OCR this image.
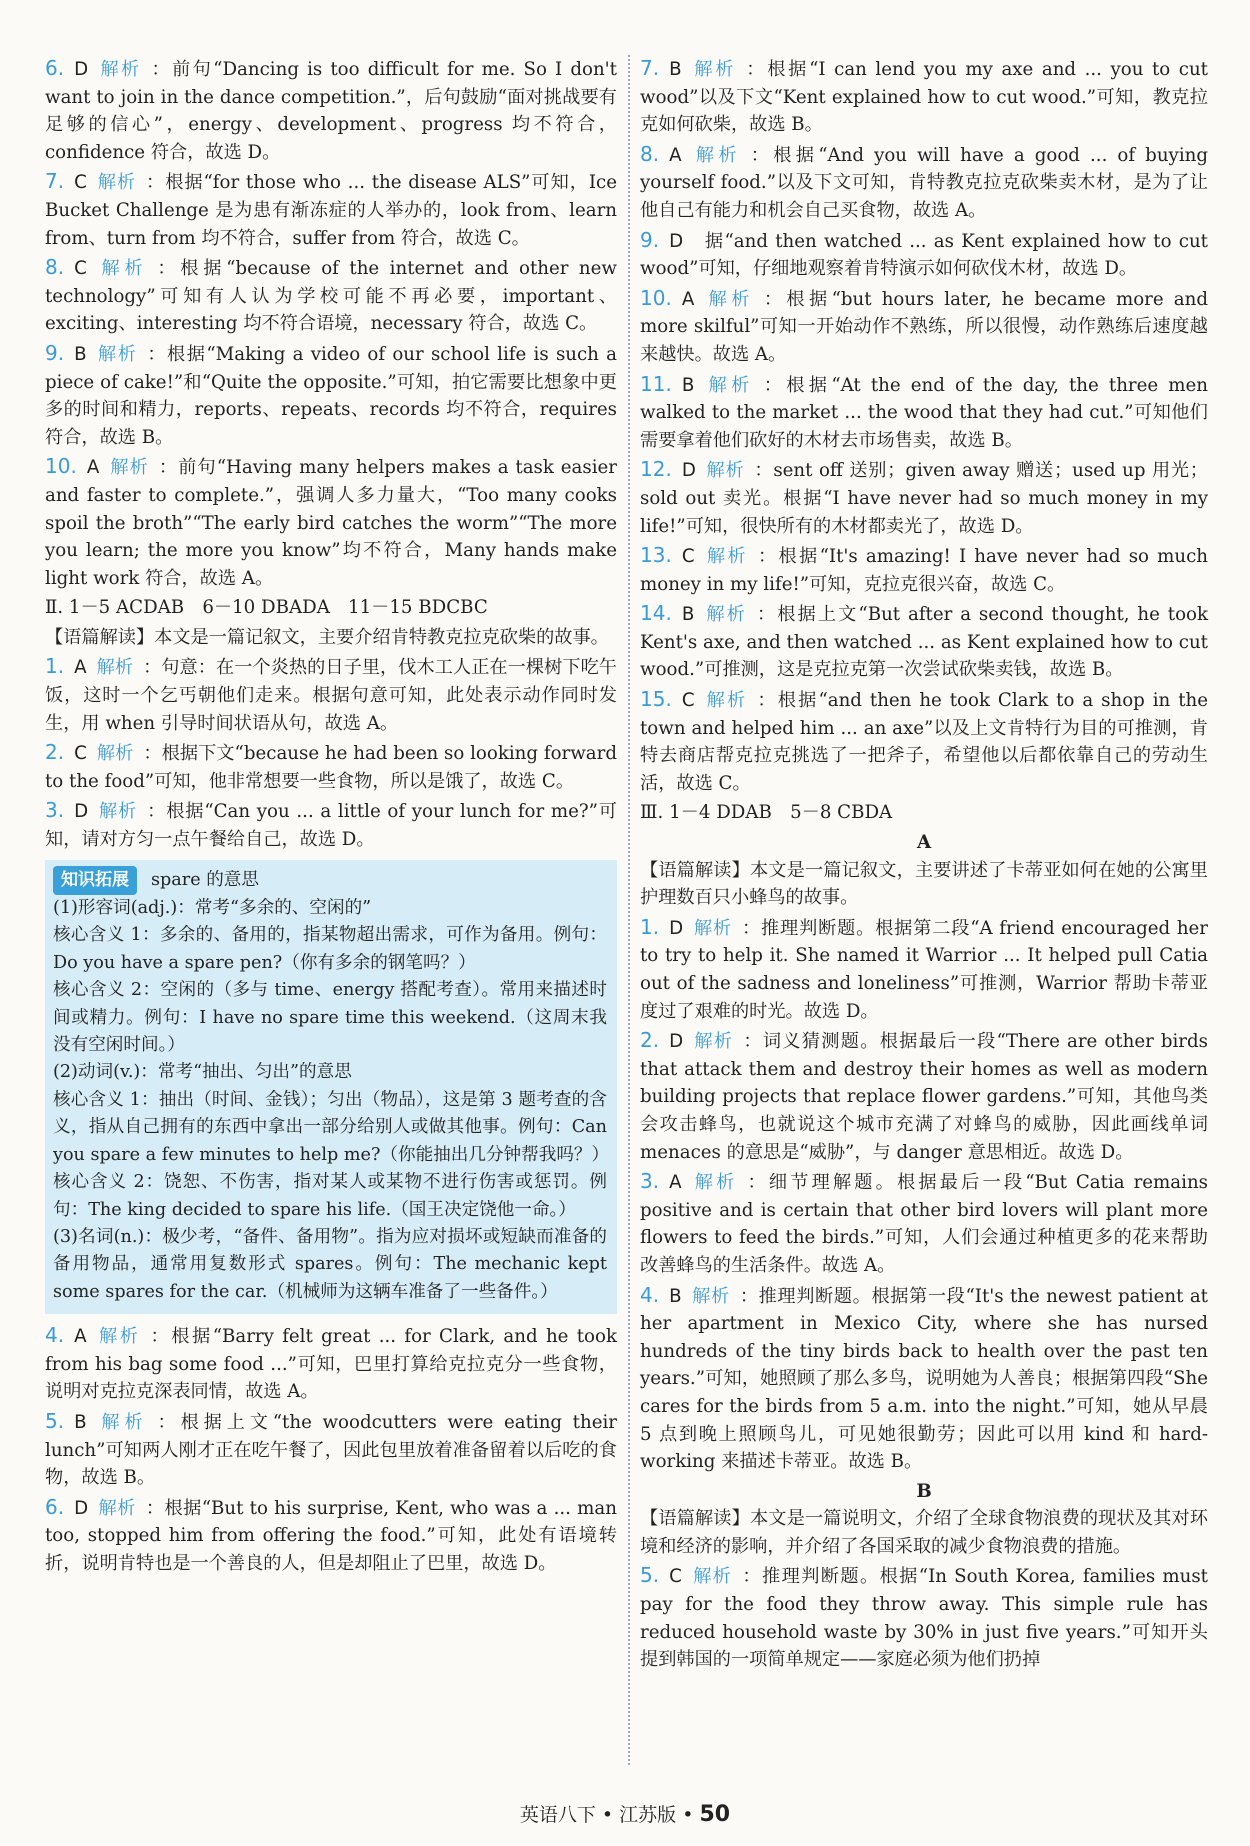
6. D 解析 ：前句“Dancing is too difficult for me. So I don't want to join in the dance competition.”，后句鼓励“面对挑战要有足够的信心”，energy、development、progress 均不符合，confidence 符合，故选 D。

7. C 解析 ：根据“for those who ... the disease ALS”可知，Ice Bucket Challenge 是为患有渐冻症的人举办的，look from、learn from、turn from 均不符合，suffer from 符合，故选 C。

8. C 解析 ：根据“because of the internet and other new technology”可知有人认为学校可能不再必要，important、exciting、interesting 均不符合语境，necessary 符合，故选 C。

9. B 解析 ：根据“Making a video of our school life is such a piece of cake!”和“Quite the opposite.”可知，拍它需要比想象中更多的时间和精力，reports、repeats、records 均不符合，requires 符合，故选 B。

10. A 解析 ：前句“Having many helpers makes a task easier and faster to complete.”，强调人多力量大，“Too many cooks spoil the broth”“The early bird catches the worm”“The more you learn; the more you know”均不符合，Many hands make light work 符合，故选 A。

Ⅱ. 1－5 ACDAB　6－10 DBADA　11－15 BDCBC

【语篇解读】本文是一篇记叙文，主要介绍肯特教克拉克砍柴的故事。

1. A 解析 ：句意：在一个炎热的日子里，伐木工人正在一棵树下吃午饭，这时一个乞丐朝他们走来。根据句意可知，此处表示动作同时发生，用 when 引导时间状语从句，故选 A。

2. C 解析 ：根据下文“because he had been so looking forward to the food”可知，他非常想要一些食物，所以是饿了，故选 C。

3. D 解析 ：根据“Can you ... a little of your lunch for me?”可知，请对方匀一点午餐给自己，故选 D。

知识拓展 spare 的意思

(1)形容词(adj.)：常考“多余的、空闲的”

核心含义 1：多余的、备用的，指某物超出需求，可作为备用。例句：Do you have a spare pen?（你有多余的钢笔吗？）

核心含义 2：空闲的（多与 time、energy 搭配考查）。常用来描述时间或精力。例句：I have no spare time this weekend.（这周末我没有空闲时间。）

(2)动词(v.)：常考“抽出、匀出”的意思

核心含义 1：抽出（时间、金钱）；匀出（物品），这是第 3 题考查的含义，指从自己拥有的东西中拿出一部分给别人或做其他事。例句：Can you spare a few minutes to help me?（你能抽出几分钟帮我吗？）

核心含义 2：饶恕、不伤害，指对某人或某物不进行伤害或惩罚。例句：The king decided to spare his life.（国王决定饶他一命。）

(3)名词(n.)：极少考，“备件、备用物”。指为应对损坏或短缺而准备的备用物品，通常用复数形式 spares。例句：The mechanic kept some spares for the car.（机械师为这辆车准备了一些备件。）

4. A 解析 ：根据“Barry felt great ... for Clark, and he took from his bag some food ...”可知，巴里打算给克拉克分一些食物，说明对克拉克深表同情，故选 A。

5. B 解析 ：根据上文“the woodcutters were eating their lunch”可知两人刚才正在吃午餐了，因此包里放着准备留着以后吃的食物，故选 B。

6. D 解析 ：根据“But to his surprise, Kent, who was a ... man too, stopped him from offering the food.”可知，此处有语境转折，说明肯特也是一个善良的人，但是却阻止了巴里，故选 D。

7. B 解析 ：根据“I can lend you my axe and ... you to cut wood”以及下文“Kent explained how to cut wood.”可知，教克拉克如何砍柴，故选 B。

8. A 解析 ：根据“And you will have a good ... of buying yourself food.”以及下文可知，肯特教克拉克砍柴卖木材，是为了让他自己有能力和机会自己买食物，故选 A。

9. D 据“and then watched ... as Kent explained how to cut wood”可知，仔细地观察着肯特演示如何砍伐木材，故选 D。

10. A 解析 ：根据“but hours later, he became more and more skilful”可知一开始动作不熟练，所以很慢，动作熟练后速度越来越快。故选 A。

11. B 解析 ：根据“At the end of the day, the three men walked to the market ... the wood that they had cut.”可知他们需要拿着他们砍好的木材去市场售卖，故选 B。

12. D 解析 ：sent off 送别；given away 赠送；used up 用光；sold out 卖光。根据“I have never had so much money in my life!”可知，很快所有的木材都卖光了，故选 D。

13. C 解析 ：根据“It's amazing! I have never had so much money in my life!”可知，克拉克很兴奋，故选 C。

14. B 解析 ：根据上文“But after a second thought, he took Kent's axe, and then watched ... as Kent explained how to cut wood.”可推测，这是克拉克第一次尝试砍柴卖钱，故选 B。

15. C 解析 ：根据“and then he took Clark to a shop in the town and helped him ... an axe”以及上文肯特行为目的可推测，肯特去商店帮克拉克挑选了一把斧子，希望他以后都依靠自己的劳动生活，故选 C。

Ⅲ. 1－4 DDAB　5－8 CBDA

A

【语篇解读】本文是一篇记叙文，主要讲述了卡蒂亚如何在她的公寓里护理数百只小蜂鸟的故事。

1. D 解析 ：推理判断题。根据第二段“A friend encouraged her to try to help it. She named it Warrior ... It helped pull Catia out of the sadness and loneliness”可推测，Warrior 帮助卡蒂亚度过了艰难的时光。故选 D。

2. D 解析 ：词义猜测题。根据最后一段“There are other birds that attack them and destroy their homes as well as modern building projects that replace flower gardens.”可知，其他鸟类会攻击蜂鸟，也就说这个城市充满了对蜂鸟的威胁，因此画线单词 menaces 的意思是“威胁”，与 danger 意思相近。故选 D。

3. A 解析 ：细节理解题。根据最后一段“But Catia remains positive and is certain that other bird lovers will plant more flowers to feed the birds.”可知，人们会通过种植更多的花来帮助改善蜂鸟的生活条件。故选 A。

4. B 解析 ：推理判断题。根据第一段“It's the newest patient at her apartment in Mexico City, where she has nursed hundreds of the tiny birds back to health over the past ten years.”可知，她照顾了那么多鸟，说明她为人善良；根据第四段“She cares for the birds from 5 a.m. into the night.”可知，她从早晨 5 点到晚上照顾鸟儿，可见她很勤劳；因此可以用 kind 和 hard-working 来描述卡蒂亚。故选 B。

B

【语篇解读】本文是一篇说明文，介绍了全球食物浪费的现状及其对环境和经济的影响，并介绍了各国采取的减少食物浪费的措施。

5. C 解析 ：推理判断题。根据“In South Korea, families must pay for the food they throw away. This simple rule has reduced household waste by 30% in just five years.”可知开头提到韩国的一项简单规定——家庭必须为他们扔掉

英语八下 • 江苏版 • 50
